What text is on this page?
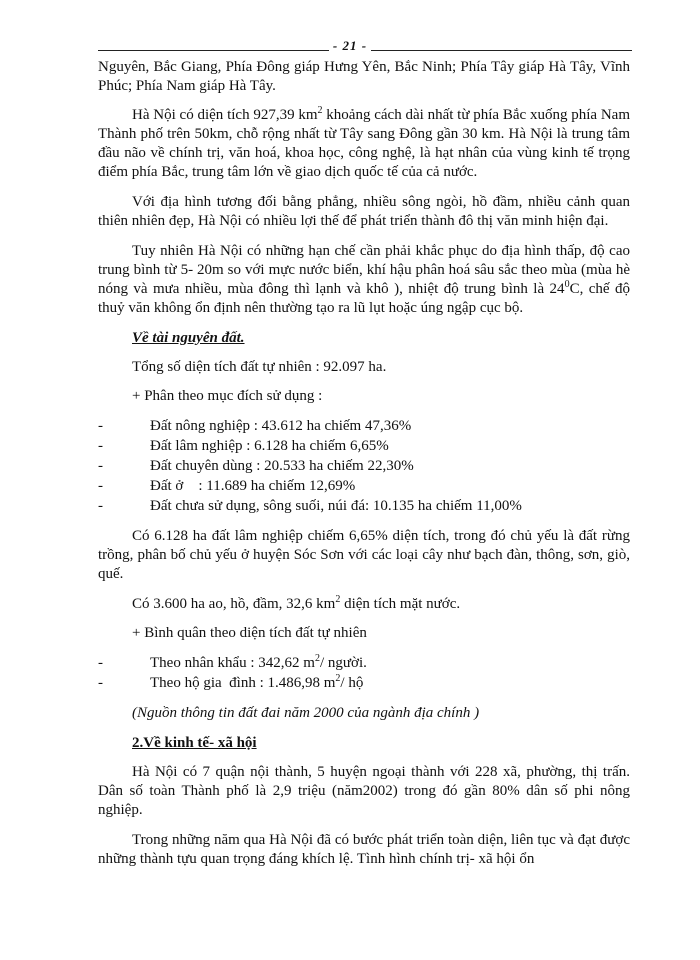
- 21 -

Nguyên, Bắc Giang, Phía Đông giáp Hưng Yên, Bắc Ninh; Phía Tây giáp Hà Tây, Vĩnh Phúc; Phía Nam giáp Hà Tây.

Hà Nội có diện tích 927,39 $km^2$ khoảng cách dài nhất từ phía Bắc xuống phía Nam Thành phố trên 50km, chỗ rộng nhất từ Tây sang Đông gần 30 km. Hà Nội là trung tâm đầu não về chính trị, văn hoá, khoa học, công nghệ, là hạt nhân của vùng kinh tế trọng điểm phía Bắc, trung tâm lớn về giao dịch quốc tế của cả nước.

Với địa hình tương đối bằng phẳng, nhiều sông ngòi, hồ đầm, nhiều cảnh quan thiên nhiên đẹp, Hà Nội có nhiều lợi thế để phát triển thành đô thị văn minh hiện đại.

Tuy nhiên Hà Nội có những hạn chế cần phải khắc phục do địa hình thấp, độ cao trung bình từ 5- 20m so với mực nước biển, khí hậu phân hoá sâu sắc theo mùa (mùa hè nóng và mưa nhiều, mùa đông thì lạnh và khô ), nhiệt độ trung bình là $24^0C$, chế độ thuỷ văn không ổn định nên thường tạo ra lũ lụt hoặc úng ngập cục bộ.

Về tài nguyên đất.
Tổng số diện tích đất tự nhiên : 92.097 ha.
+ Phân theo mục đích sử dụng :
- Đất nông nghiệp : 43.612 ha chiếm 47,36%
- Đất lâm nghiệp : 6.128 ha chiếm 6,65%
- Đất chuyên dùng : 20.533 ha chiếm 22,30%
- Đất ở    : 11.689 ha chiếm 12,69%
- Đất chưa sử dụng, sông suối, núi đá: 10.135 ha chiếm 11,00%

Có 6.128 ha đất lâm nghiệp chiếm 6,65% diện tích, trong đó chủ yếu là đất rừng trồng, phân bố chủ yếu ở huyện Sóc Sơn với các loại cây như bạch đàn, thông, sơn, giò, quế.

Có 3.600 ha ao, hồ, đầm, 32,6 $km^2$ diện tích mặt nước.
+ Bình quân theo diện tích đất tự nhiên
- Theo nhân khẩu : 342,62 $m^2/$ người.
- Theo hộ gia  đình : 1.486,98 $m^2/$ hộ
(Nguồn thông tin đất đai năm 2000 của ngành địa chính )
2.Về kinh tế- xã hội

Hà Nội có 7 quận nội thành, 5 huyện ngoại thành với 228 xã, phường, thị trấn. Dân số toàn Thành phố là 2,9 triệu (năm2002) trong đó gần 80% dân số phi nông nghiệp.

Trong những năm qua Hà Nội đã có bước phát triển toàn diện, liên tục và đạt được những thành tựu quan trọng đáng khích lệ. Tình hình chính trị- xã hội ổn
